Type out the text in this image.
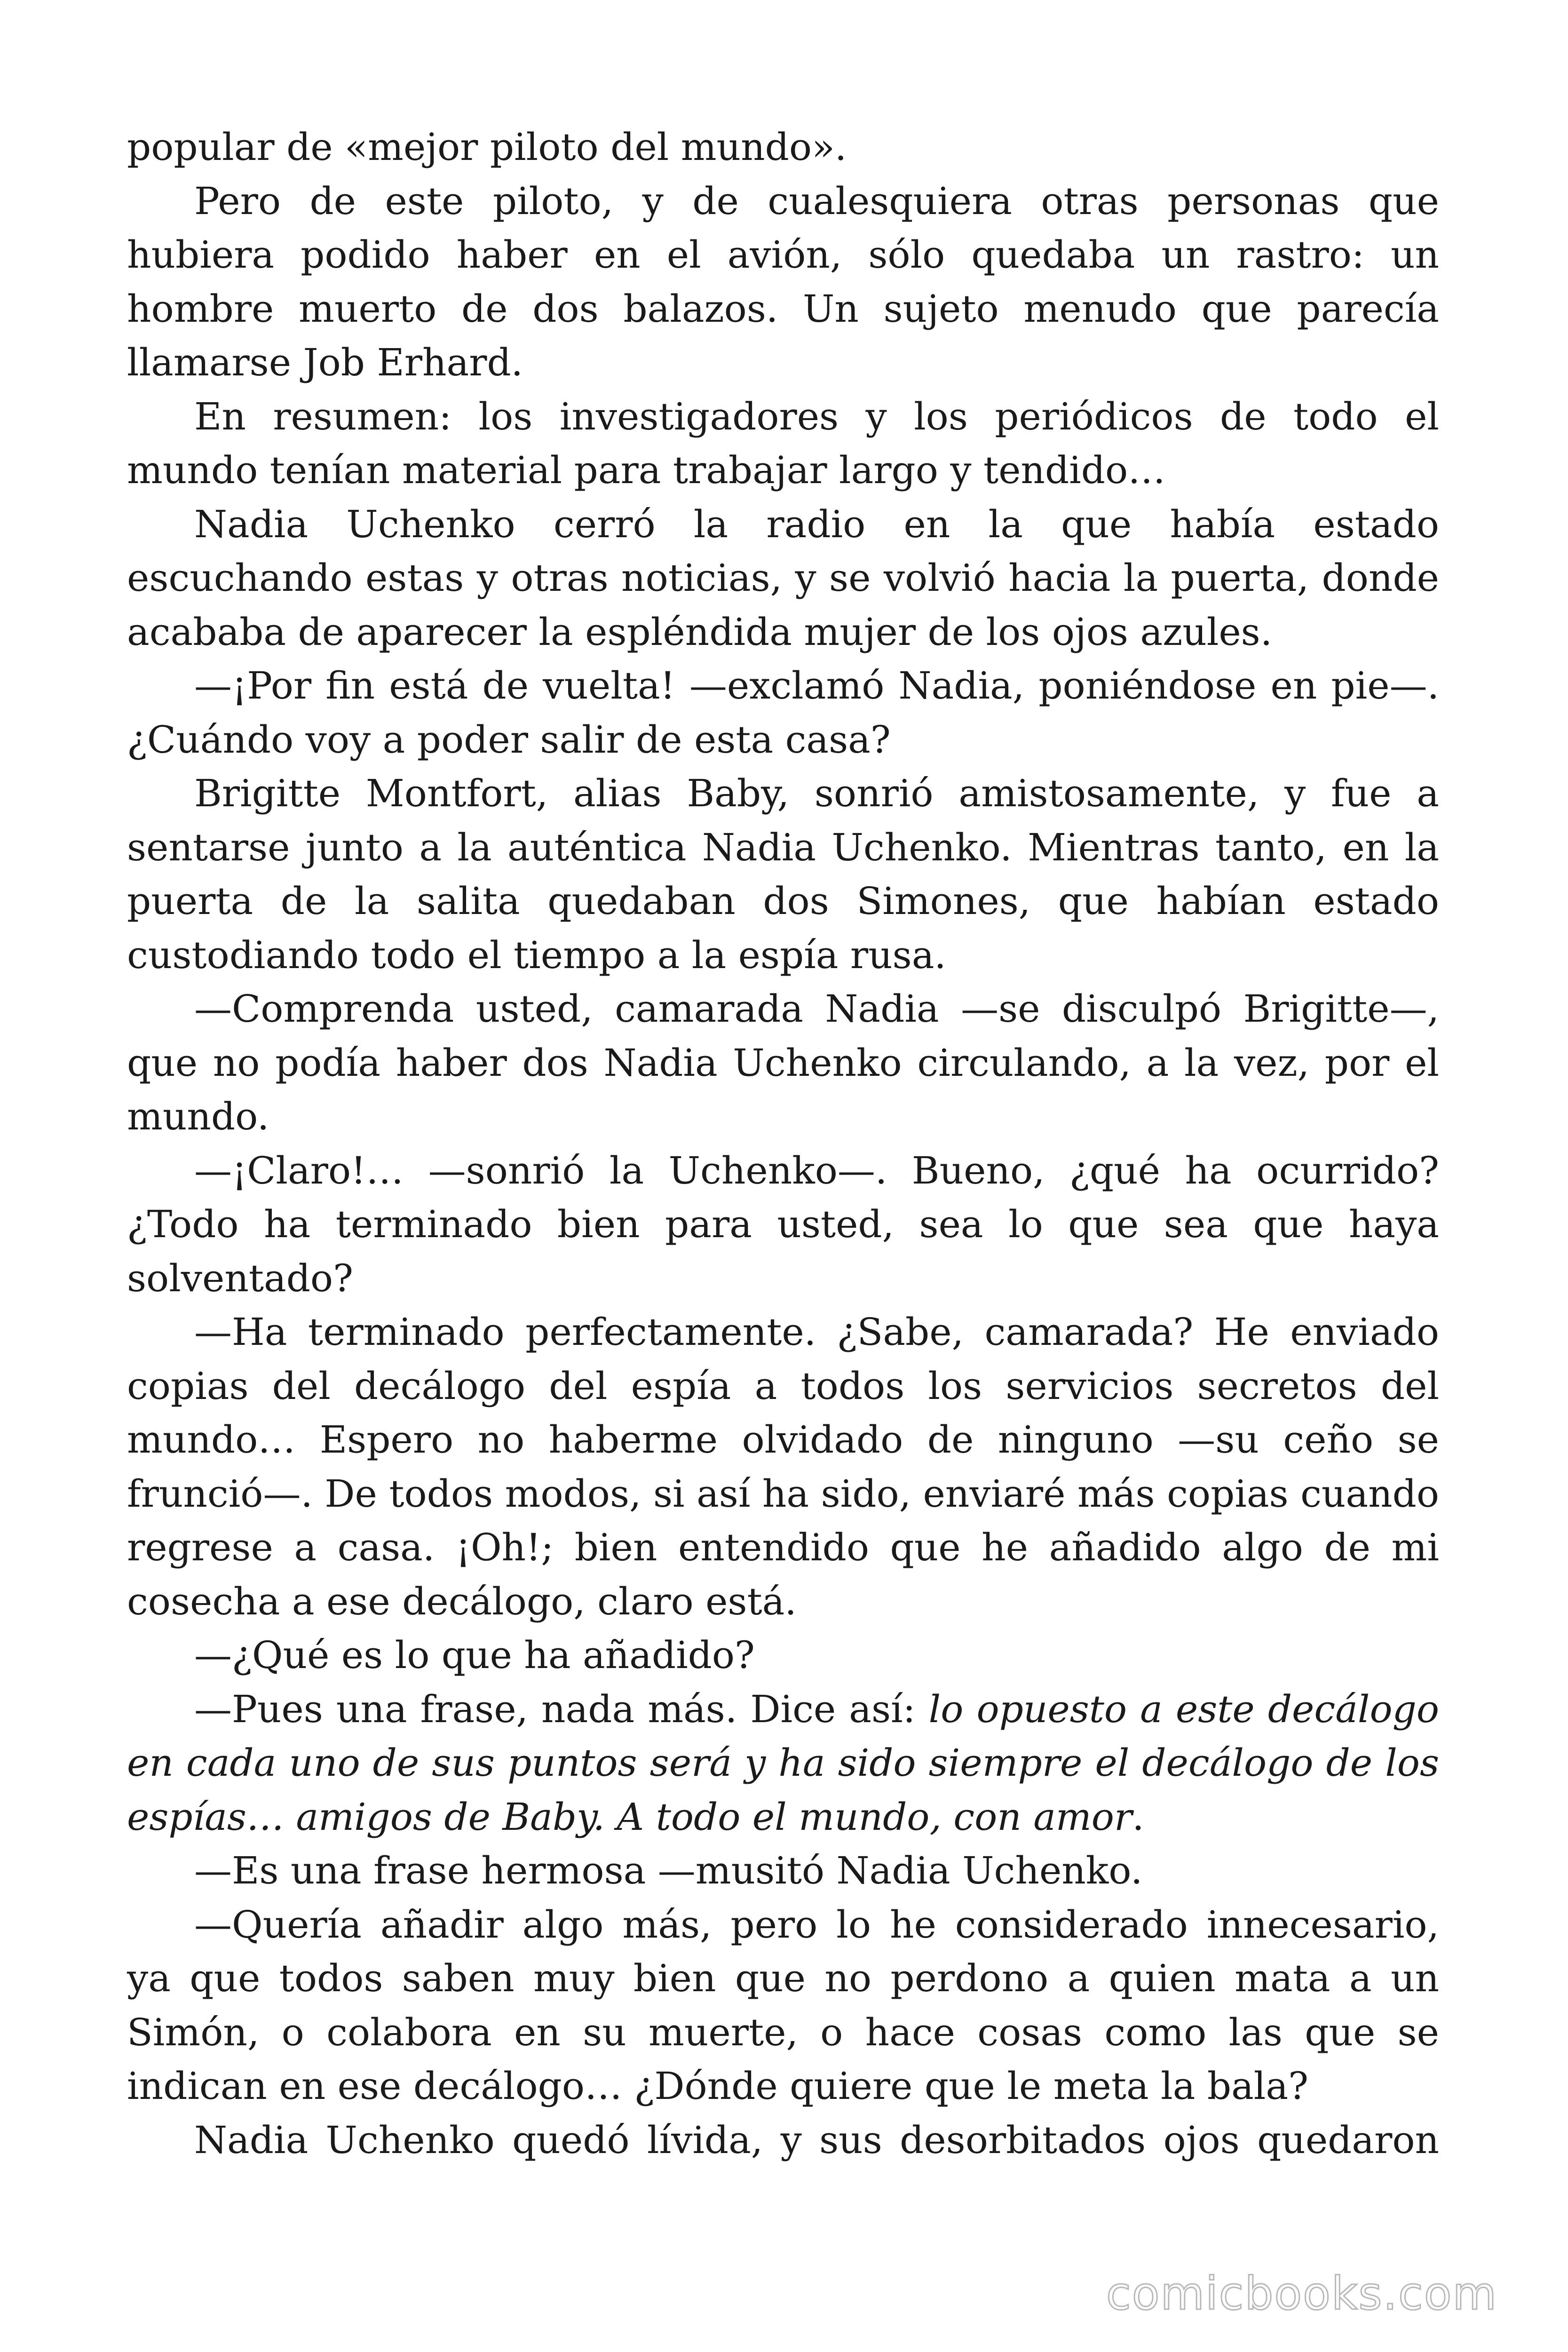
popular de «mejor piloto del mundo».

Pero de este piloto, y de cualesquiera otras personas que hubiera podido haber en el avión, sólo quedaba un rastro: un hombre muerto de dos balazos. Un sujeto menudo que parecía llamarse Job Erhard.

En resumen: los investigadores y los periódicos de todo el mundo tenían material para trabajar largo y tendido…

Nadia Uchenko cerró la radio en la que había estado escuchando estas y otras noticias, y se volvió hacia la puerta, donde acababa de aparecer la espléndida mujer de los ojos azules.

—¡Por fin está de vuelta! —exclamó Nadia, poniéndose en pie—. ¿Cuándo voy a poder salir de esta casa?

Brigitte Montfort, alias Baby, sonrió amistosamente, y fue a sentarse junto a la auténtica Nadia Uchenko. Mientras tanto, en la puerta de la salita quedaban dos Simones, que habían estado custodiando todo el tiempo a la espía rusa.

—Comprenda usted, camarada Nadia —se disculpó Brigitte—, que no podía haber dos Nadia Uchenko circulando, a la vez, por el mundo.

—¡Claro!… —sonrió la Uchenko—. Bueno, ¿qué ha ocurrido? ¿Todo ha terminado bien para usted, sea lo que sea que haya solventado?

—Ha terminado perfectamente. ¿Sabe, camarada? He enviado copias del decálogo del espía a todos los servicios secretos del mundo… Espero no haberme olvidado de ninguno —su ceño se frunció—. De todos modos, si así ha sido, enviaré más copias cuando regrese a casa. ¡Oh!; bien entendido que he añadido algo de mi cosecha a ese decálogo, claro está.

—¿Qué es lo que ha añadido?

—Pues una frase, nada más. Dice así: lo opuesto a este decálogo en cada uno de sus puntos será y ha sido siempre el decálogo de los espías… amigos de Baby. A todo el mundo, con amor.

—Es una frase hermosa —musitó Nadia Uchenko.

—Quería añadir algo más, pero lo he considerado innecesario, ya que todos saben muy bien que no perdono a quien mata a un Simón, o colabora en su muerte, o hace cosas como las que se indican en ese decálogo… ¿Dónde quiere que le meta la bala?

Nadia Uchenko quedó lívida, y sus desorbitados ojos quedaron

comicbooks.com
